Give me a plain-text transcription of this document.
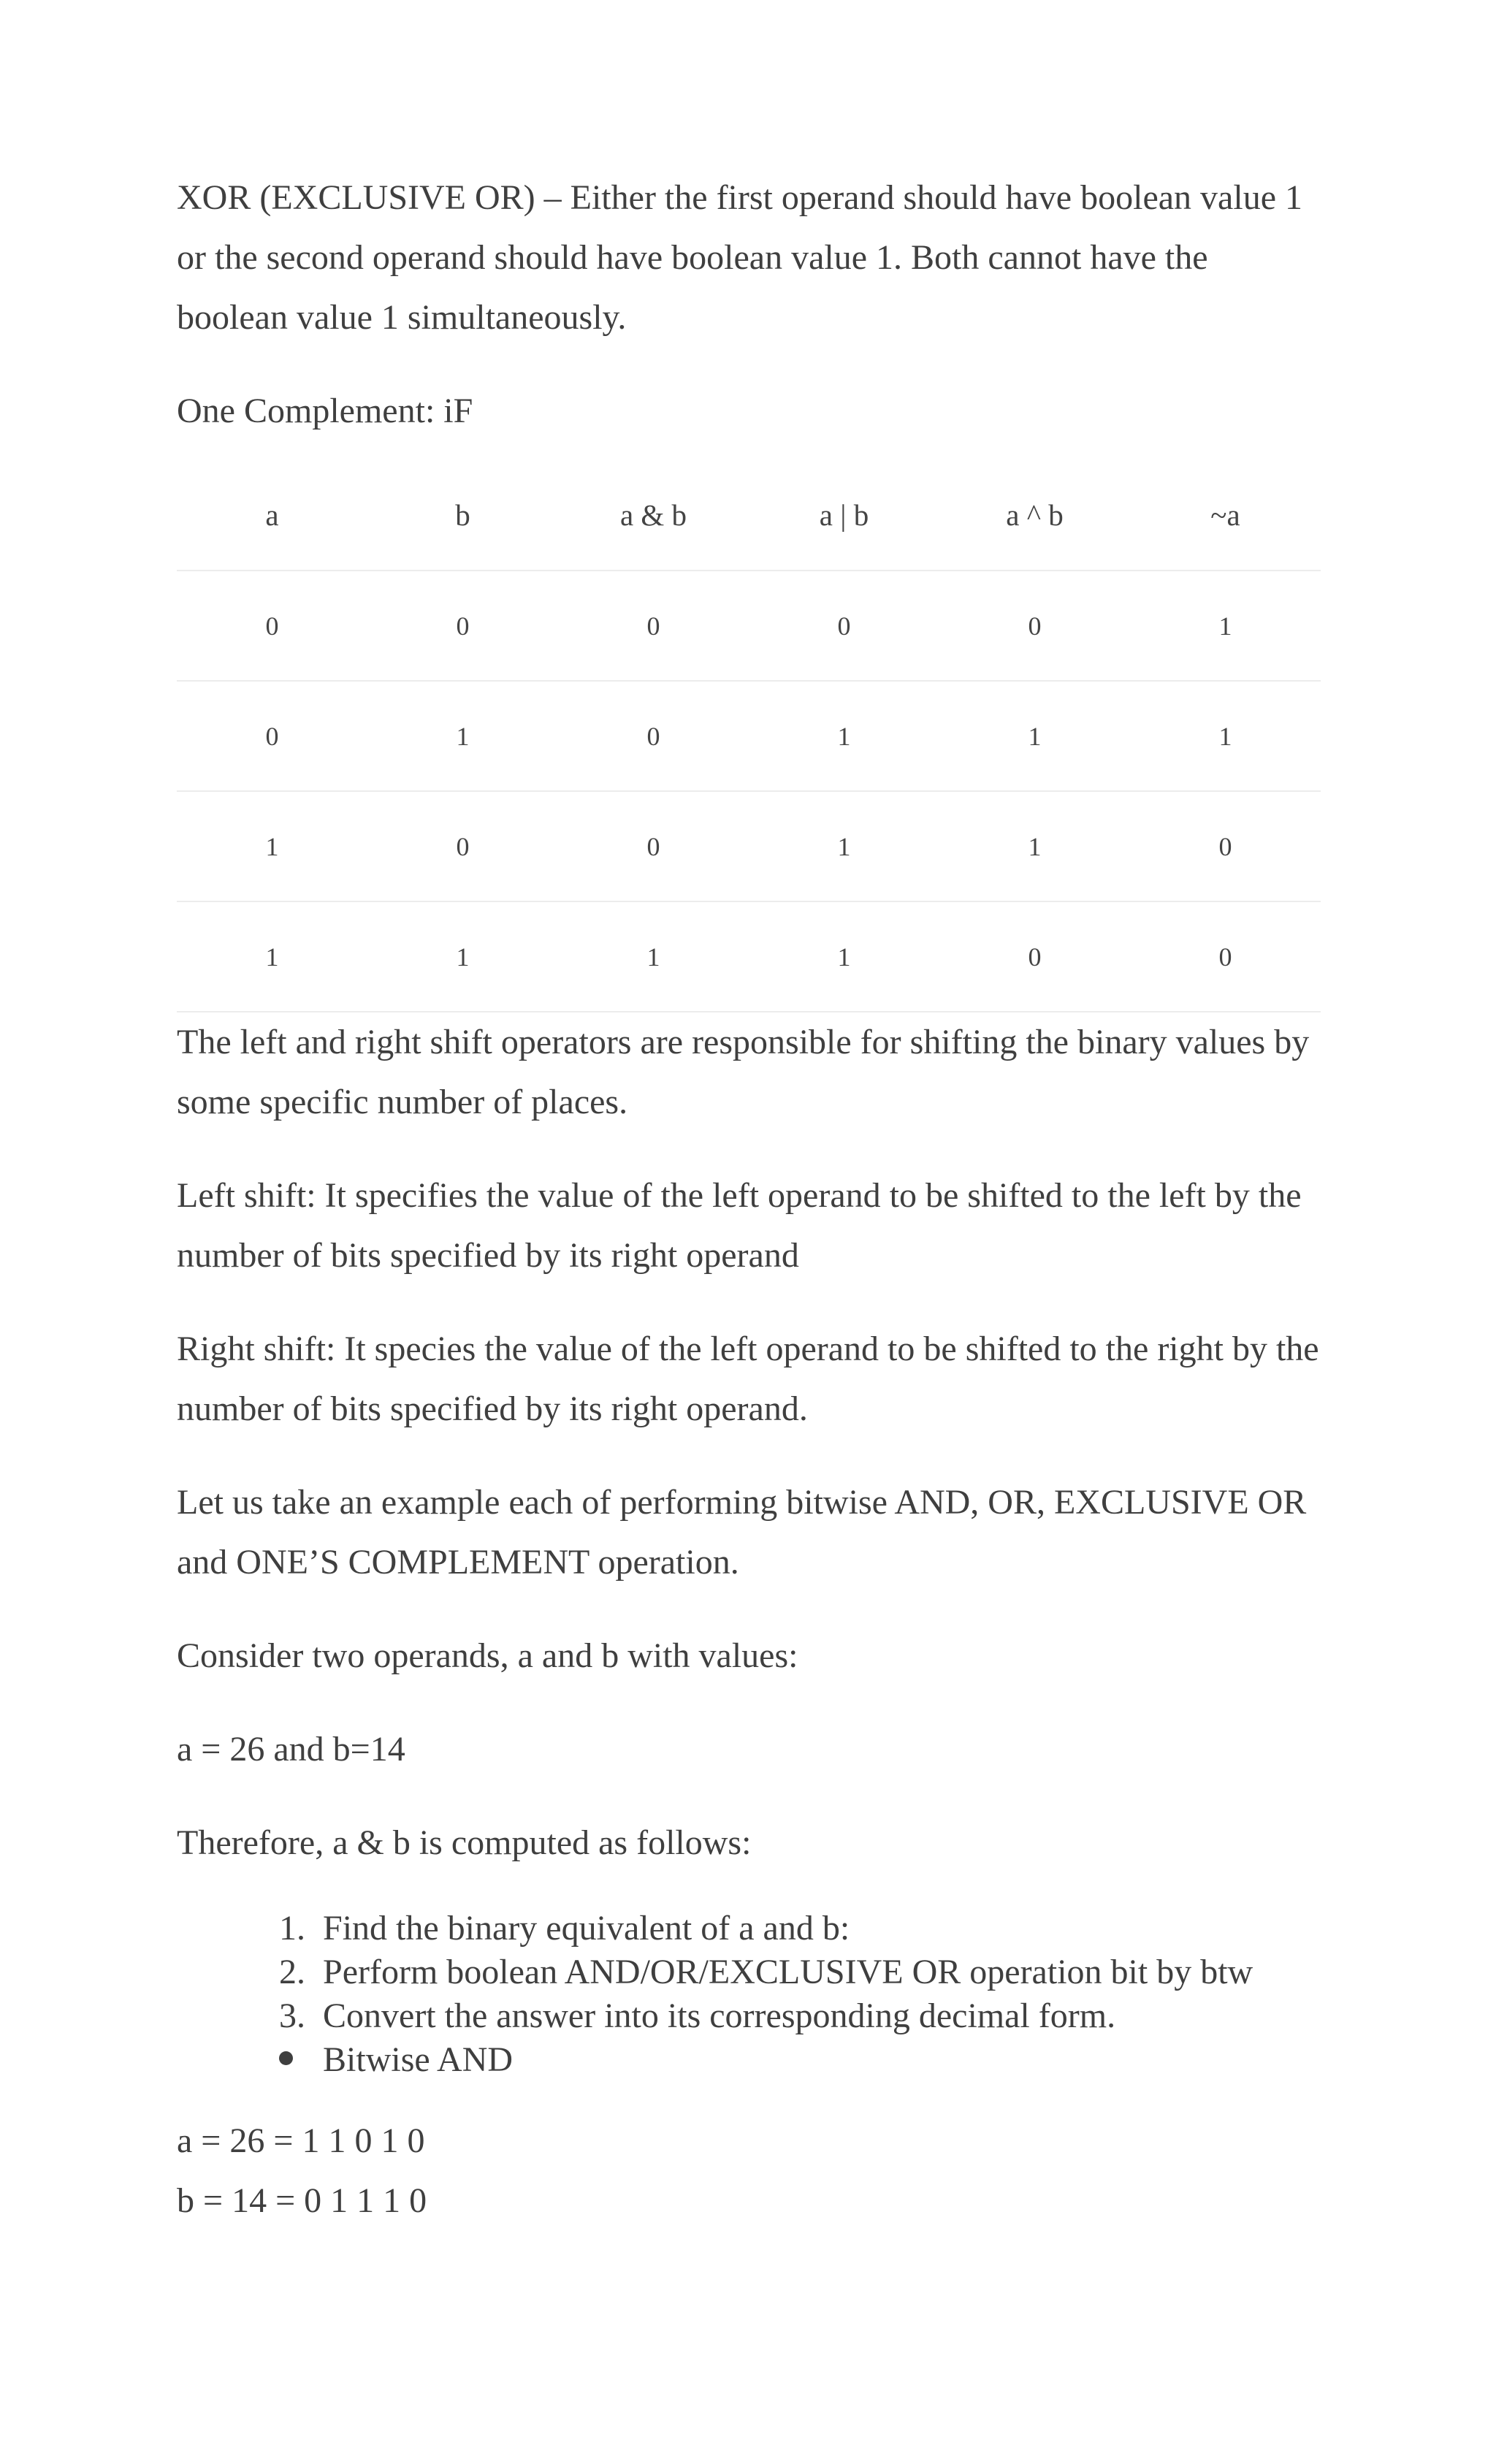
XOR (EXCLUSIVE OR) – Either the first operand should have boolean value 1 or the second operand should have boolean value 1. Both cannot have the boolean value 1 simultaneously.

One Complement: iF

a	b	a & b	a | b	a ^ b	~a
0	0	0	0	0	1
0	1	0	1	1	1
1	0	0	1	1	0
1	1	1	1	0	0

The left and right shift operators are responsible for shifting the binary values by some specific number of places.

Left shift: It specifies the value of the left operand to be shifted to the left by the number of bits specified by its right operand

Right shift: It species the value of the left operand to be shifted to the right by the number of bits specified by its right operand.

Let us take an example each of performing bitwise AND, OR, EXCLUSIVE OR and ONE’S COMPLEMENT operation.

Consider two operands, a and b with values:

a = 26 and b=14

Therefore, a & b is computed as follows:

1. Find the binary equivalent of a and b:
2. Perform boolean AND/OR/EXCLUSIVE OR operation bit by btw
3. Convert the answer into its corresponding decimal form.
Bitwise AND

a = 26 = 1 1 0 1 0

b = 14 = 0 1 1 1 0
